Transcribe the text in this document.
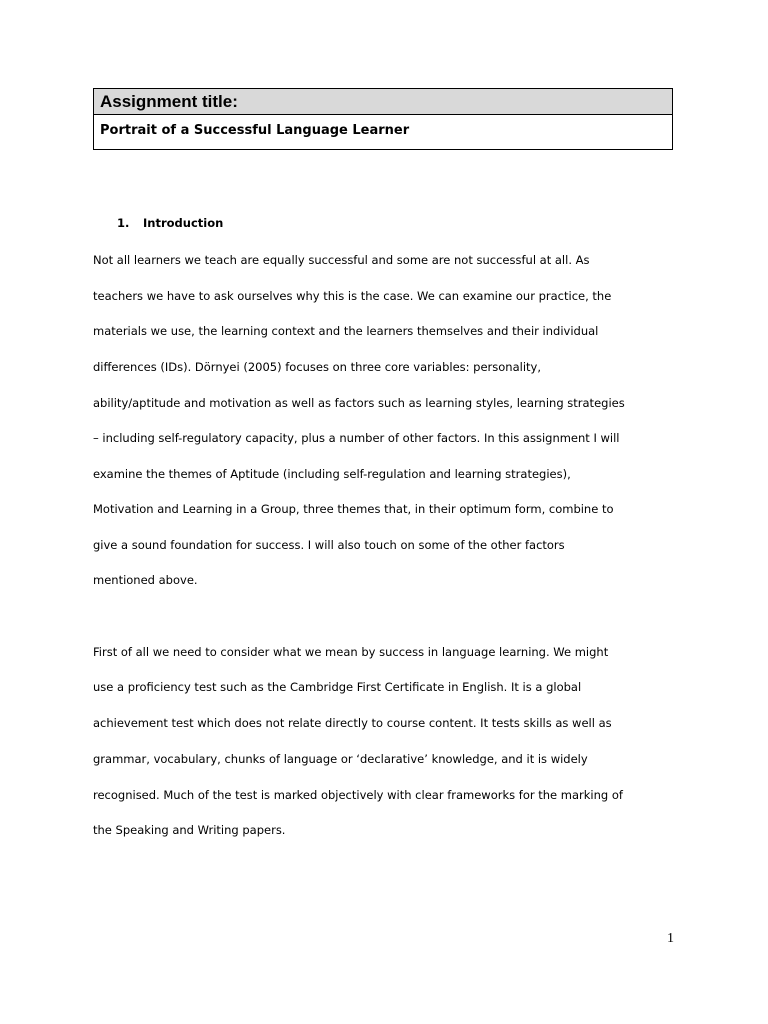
Assignment title:
Portrait of a Successful Language Learner
1. Introduction
Not all learners we teach are equally successful and some are not successful at all. As
teachers we have to ask ourselves why this is the case. We can examine our practice, the
materials we use, the learning context and the learners themselves and their individual
differences (IDs). Dörnyei (2005) focuses on three core variables: personality,
ability/aptitude and motivation as well as factors such as learning styles, learning strategies
– including self-regulatory capacity, plus a number of other factors. In this assignment I will
examine the themes of Aptitude (including self-regulation and learning strategies),
Motivation and Learning in a Group, three themes that, in their optimum form, combine to
give a sound foundation for success. I will also touch on some of the other factors
mentioned above.
First of all we need to consider what we mean by success in language learning. We might
use a proficiency test such as the Cambridge First Certificate in English. It is a global
achievement test which does not relate directly to course content. It tests skills as well as
grammar, vocabulary, chunks of language or ‘declarative’ knowledge, and it is widely
recognised. Much of the test is marked objectively with clear frameworks for the marking of
the Speaking and Writing papers.
1
